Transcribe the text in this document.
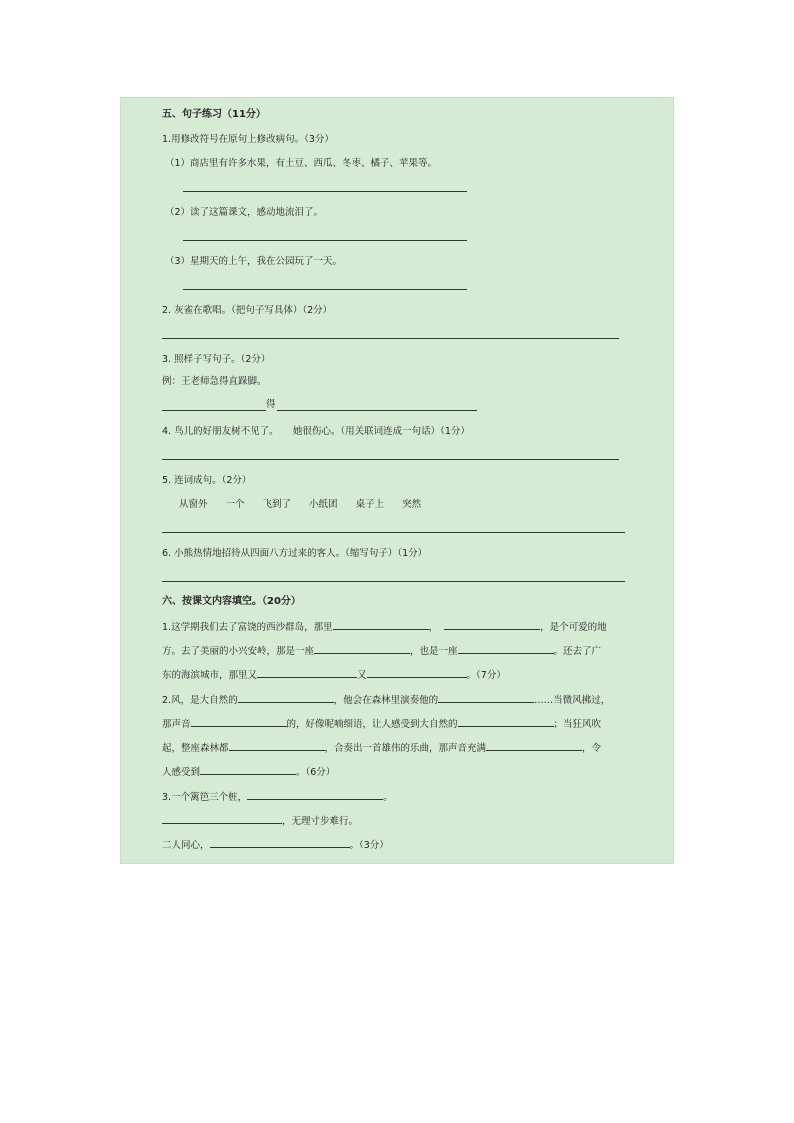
五、句子练习（11分）
1.用修改符号在原句上修改病句。（3分）
（1）商店里有许多水果，有土豆、西瓜、冬枣、橘子、苹果等。
（2）读了这篇课文，感动地流泪了。
（3）星期天的上午，我在公园玩了一天。
2. 灰雀在歌唱。（把句子写具体）（2分）
3. 照样子写句子。（2分）
例：王老师急得直跺脚。
得
4. 鸟儿的好朋友树不见了。　　她很伤心。（用关联词连成一句话）（1分）
5. 连词成句。（2分）
从窗外 一个 飞到了 小纸团 桌子上 突然
6. 小熊热情地招待从四面八方过来的客人。（缩写句子）（1分）
六、按课文内容填空。（20分）
1.这学期我们去了富饶的西沙群岛，那里	，	，是个可爱的地
方。去了美丽的小兴安岭，那是一座	，也是一座	。还去了广
东的海滨城市，那里又	又	。（7分）
2.风，是大自然的	，他会在森林里演奏他的	……当微风拂过，
那声音	的，好像呢喃细语，让人感受到大自然的	；当狂风吹
起，整座森林都	，合奏出一首雄伟的乐曲，那声音充满	，令
人感受到	。（6分）
3.一个篱笆三个桩，	。
，无理寸步难行。
二人同心，	。（3分）
